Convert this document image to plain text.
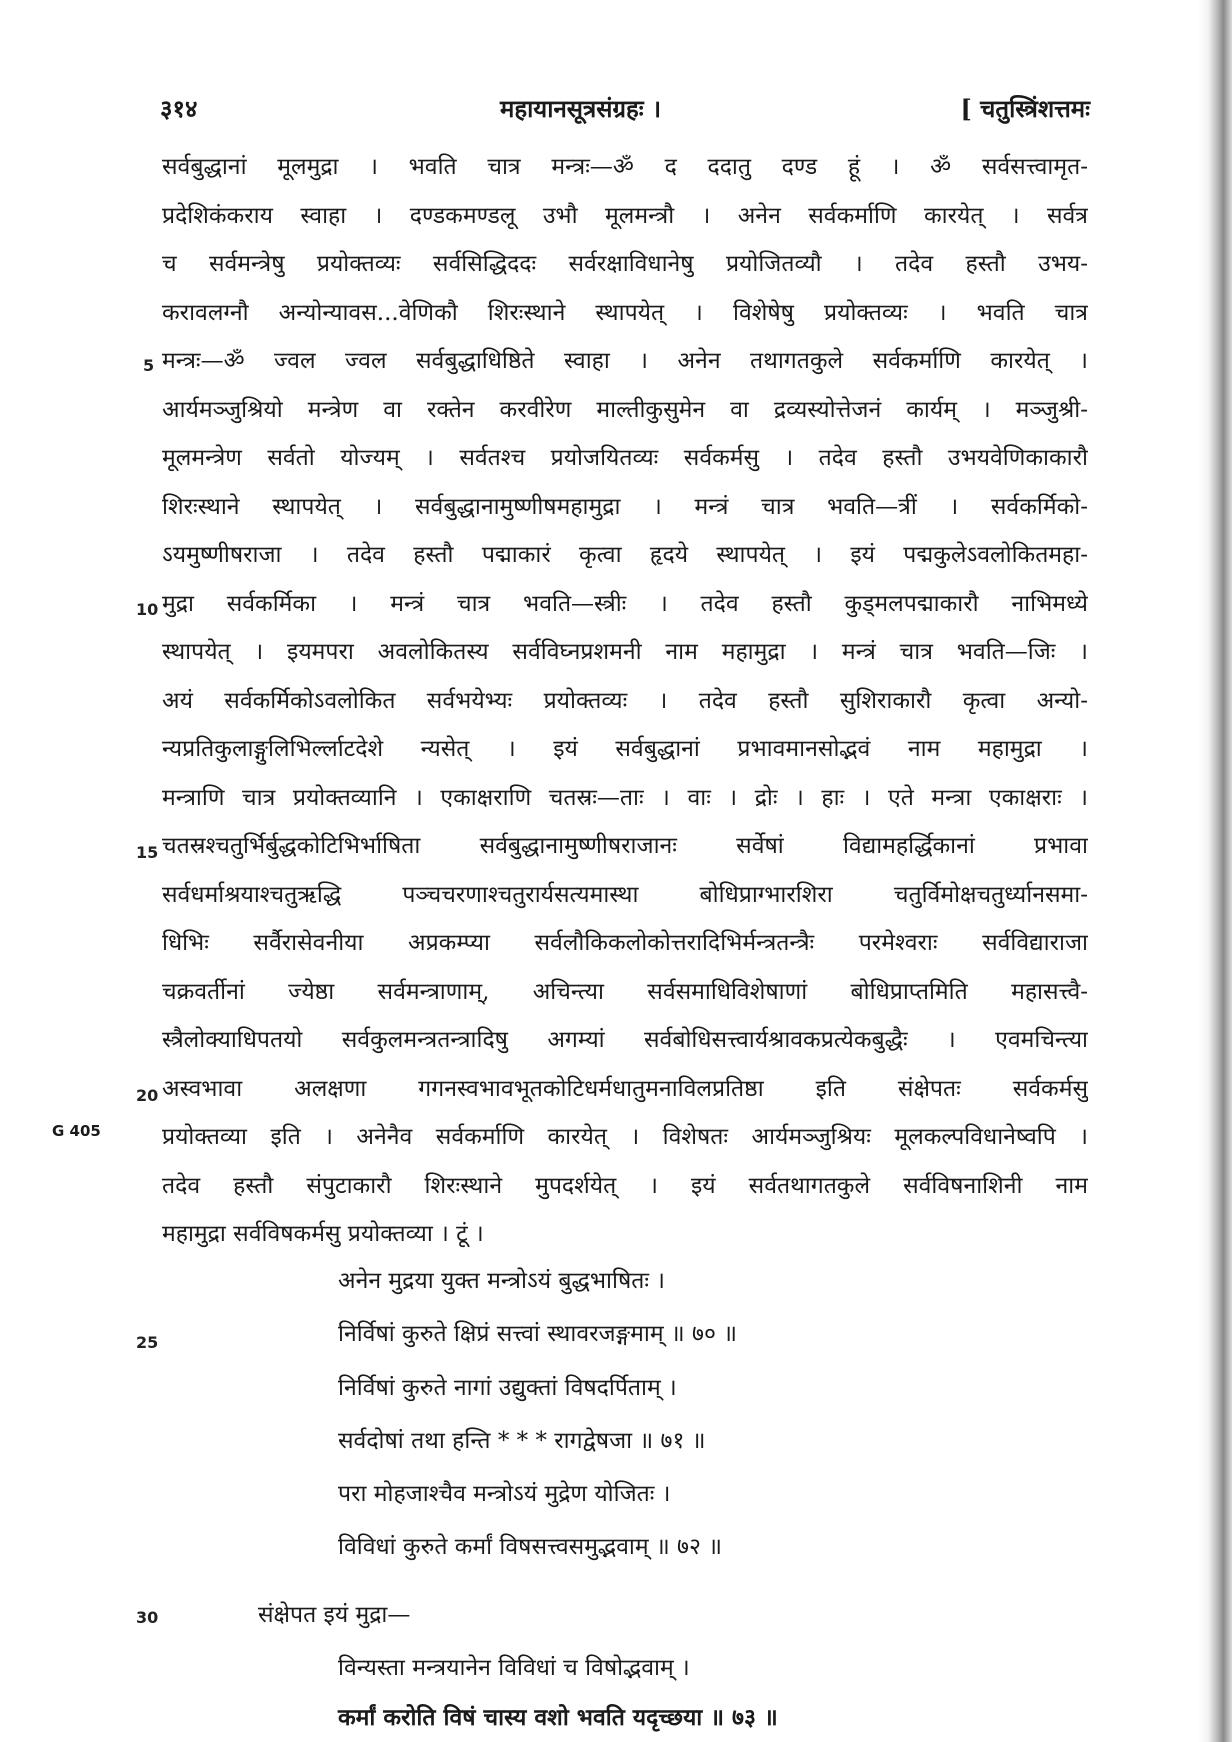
३१४	महायानसूत्रसंग्रहः ।	[ चतुस्त्रिंशत्तमः
सर्वबुद्धानां मूलमुद्रा । भवति चात्र मन्त्रः—ॐ द ददातु दण्ड हूं । ॐ सर्वसत्त्वामृत-
प्रदेशिकंकराय स्वाहा । दण्डकमण्डलू उभौ मूलमन्त्रौ । अनेन सर्वकर्माणि कारयेत् । सर्वत्र
च सर्वमन्त्रेषु प्रयोक्तव्यः सर्वसिद्धिददः सर्वरक्षाविधानेषु प्रयोजितव्यौ । तदेव हस्तौ उभय-
करावलग्नौ अन्योन्यावस...वेणिकौ शिरःस्थाने स्थापयेत् । विशेषेषु प्रयोक्तव्यः । भवति चात्र
मन्त्रः—ॐ ज्वल ज्वल सर्वबुद्धाधिष्ठिते स्वाहा । अनेन तथागतकुले सर्वकर्माणि कारयेत् ।
आर्यमञ्जुश्रियो मन्त्रेण वा रक्तेन करवीरेण माल्तीकुसुमेन वा द्रव्यस्योत्तेजनं कार्यम् । मञ्जुश्री-
मूलमन्त्रेण सर्वतो योज्यम् । सर्वतश्च प्रयोजयितव्यः सर्वकर्मसु । तदेव हस्तौ उभयवेणिकाकारौ
शिरःस्थाने स्थापयेत् । सर्वबुद्धानामुष्णीषमहामुद्रा । मन्त्रं चात्र भवति—त्रीं । सर्वकर्मिको-
ऽयमुष्णीषराजा । तदेव हस्तौ पद्माकारं कृत्वा हृदये स्थापयेत् । इयं पद्मकुलेऽवलोकितमहा-
मुद्रा सर्वकर्मिका । मन्त्रं चात्र भवति—स्त्रीः । तदेव हस्तौ कुड्मलपद्माकारौ नाभिमध्ये
स्थापयेत् । इयमपरा अवलोकितस्य सर्वविघ्नप्रशमनी नाम महामुद्रा । मन्त्रं चात्र भवति—जिः ।
अयं सर्वकर्मिकोऽवलोकित सर्वभयेभ्यः प्रयोक्तव्यः । तदेव हस्तौ सुशिराकारौ कृत्वा अन्यो-
न्यप्रतिकुलाङ्गुलिभिर्ल्लाटदेशे न्यसेत् । इयं सर्वबुद्धानां प्रभावमानसोद्भवं नाम महामुद्रा ।
मन्त्राणि चात्र प्रयोक्तव्यानि । एकाक्षराणि चतस्रः—ताः । वाः । द्रोः । हाः । एते मन्त्रा एकाक्षराः ।
चतस्रश्चतुर्भिर्बुद्धकोटिभिर्भाषिता सर्वबुद्धानामुष्णीषराजानः सर्वेषां विद्यामहर्द्धिकानां प्रभावा
सर्वधर्माश्रयाश्चतुऋद्धि पञ्चचरणाश्चतुरार्यसत्यमास्था बोधिप्राग्भारशिरा चतुर्विमोक्षचतुर्ध्यानसमा-
धिभिः सर्वैरासेवनीया अप्रकम्प्या सर्वलौकिकलोकोत्तरादिभिर्मन्त्रतन्त्रैः परमेश्वराः सर्वविद्याराजा
चक्रवर्तीनां ज्येष्ठा सर्वमन्त्राणाम्, अचिन्त्या सर्वसमाधिविशेषाणां बोधिप्राप्तमिति महासत्त्वै-
स्त्रैलोक्याधिपतयो सर्वकुलमन्त्रतन्त्रादिषु अगम्यां सर्वबोधिसत्त्वार्यश्रावकप्रत्येकबुद्धैः । एवमचिन्त्या
अस्वभावा अलक्षणा गगनस्वभावभूतकोटिधर्मधातुमनाविलप्रतिष्ठा इति संक्षेपतः सर्वकर्मसु
प्रयोक्तव्या इति । अनेनैव सर्वकर्माणि कारयेत् । विशेषतः आर्यमञ्जुश्रियः मूलकल्पविधानेष्वपि ।
तदेव हस्तौ संपुटाकारौ शिरःस्थाने मुपदर्शयेत् । इयं सर्वतथागतकुले सर्वविषनाशिनी नाम
महामुद्रा सर्वविषकर्मसु प्रयोक्तव्या । टूं ।
5
10
15
20
25
30
G 405
अनेन मुद्रया युक्त मन्त्रोऽयं बुद्धभाषितः ।
निर्विषां कुरुते क्षिप्रं सत्त्वां स्थावरजङ्गमाम् ॥ ७० ॥
निर्विषां कुरुते नागां उद्युक्तां विषदर्पिताम् ।
सर्वदोषां तथा हन्ति * * * रागद्वेषजा ॥ ७१ ॥
परा मोहजाश्चैव मन्त्रोऽयं मुद्रेण योजितः ।
विविधां कुरुते कर्मां विषसत्त्वसमुद्भवाम् ॥ ७२ ॥
संक्षेपत इयं मुद्रा—
विन्यस्ता मन्त्रयानेन विविधां च विषोद्भवाम् ।
कर्मां करोति विषं चास्य वशो भवति यदृच्छया ॥ ७३ ॥
